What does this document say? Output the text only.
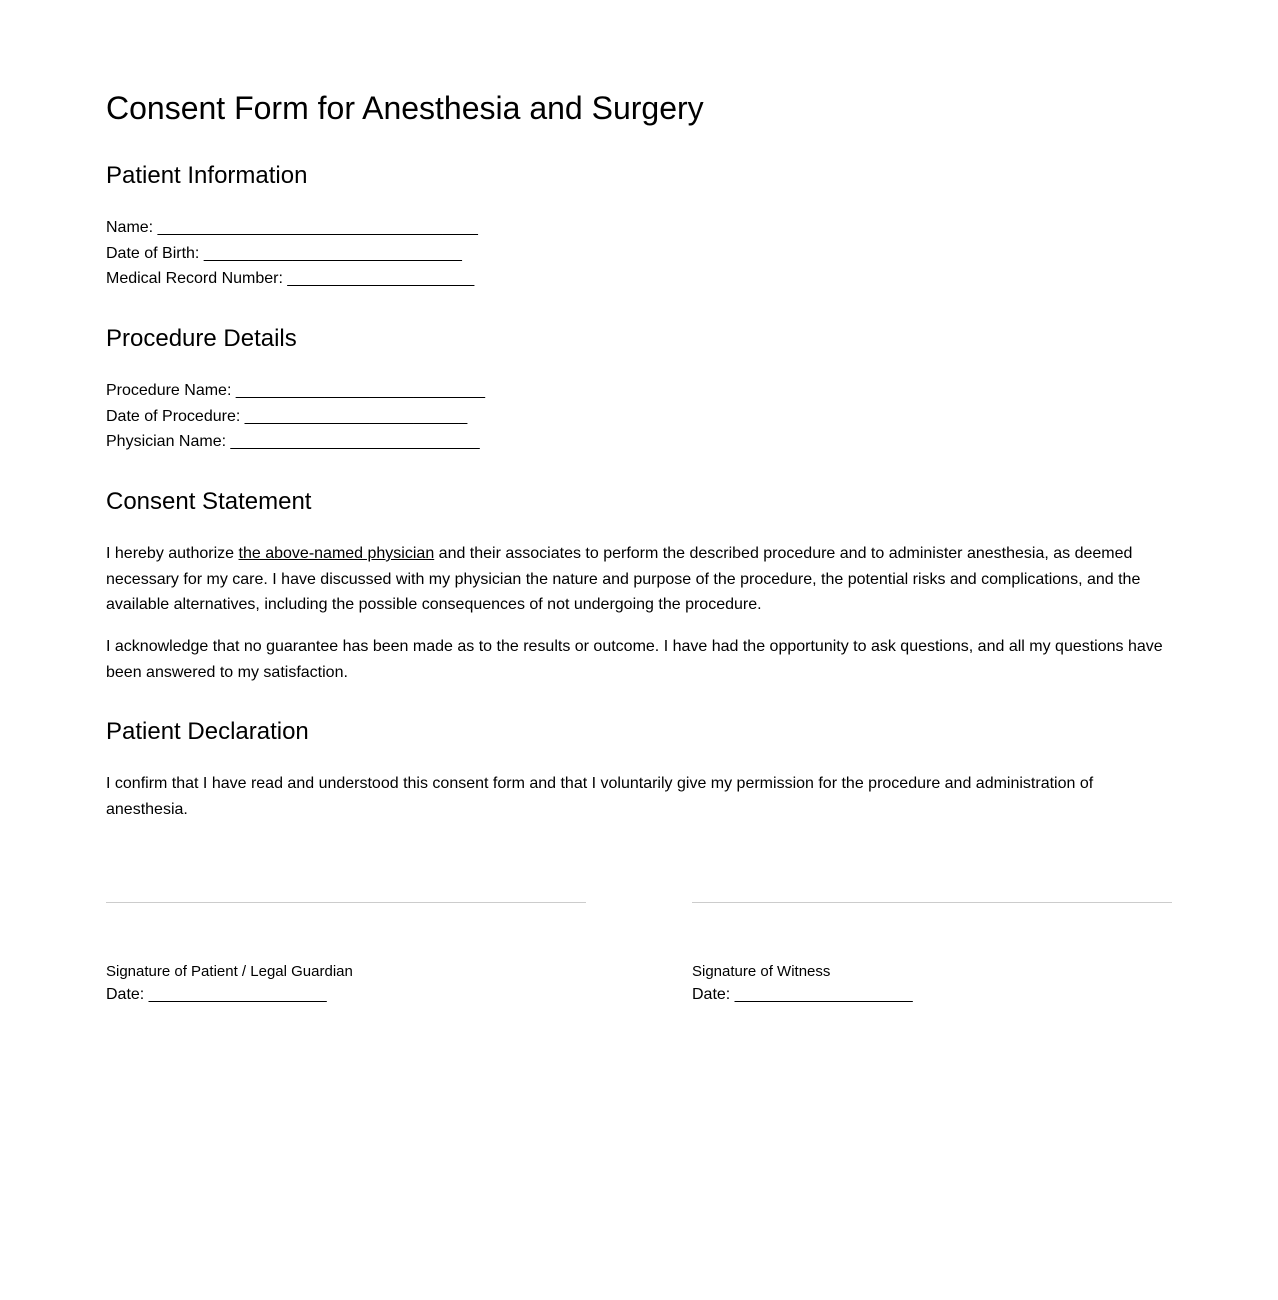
Consent Form for Anesthesia and Surgery
Patient Information
Name: ____________________________________
Date of Birth: _____________________________
Medical Record Number: _____________________
Procedure Details
Procedure Name: ____________________________
Date of Procedure: _________________________
Physician Name: ____________________________
Consent Statement

I hereby authorize the above-named physician and their associates to perform the described procedure and to administer anesthesia, as deemed necessary for my care. I have discussed with my physician the nature and purpose of the procedure, the potential risks and complications, and the available alternatives, including the possible consequences of not undergoing the procedure.

I acknowledge that no guarantee has been made as to the results or outcome. I have had the opportunity to ask questions, and all my questions have been answered to my satisfaction.

Patient Declaration

I confirm that I have read and understood this consent form and that I voluntarily give my permission for the procedure and administration of anesthesia.

Signature of Patient / Legal Guardian
Date: ____________________
Signature of Witness
Date: ____________________
